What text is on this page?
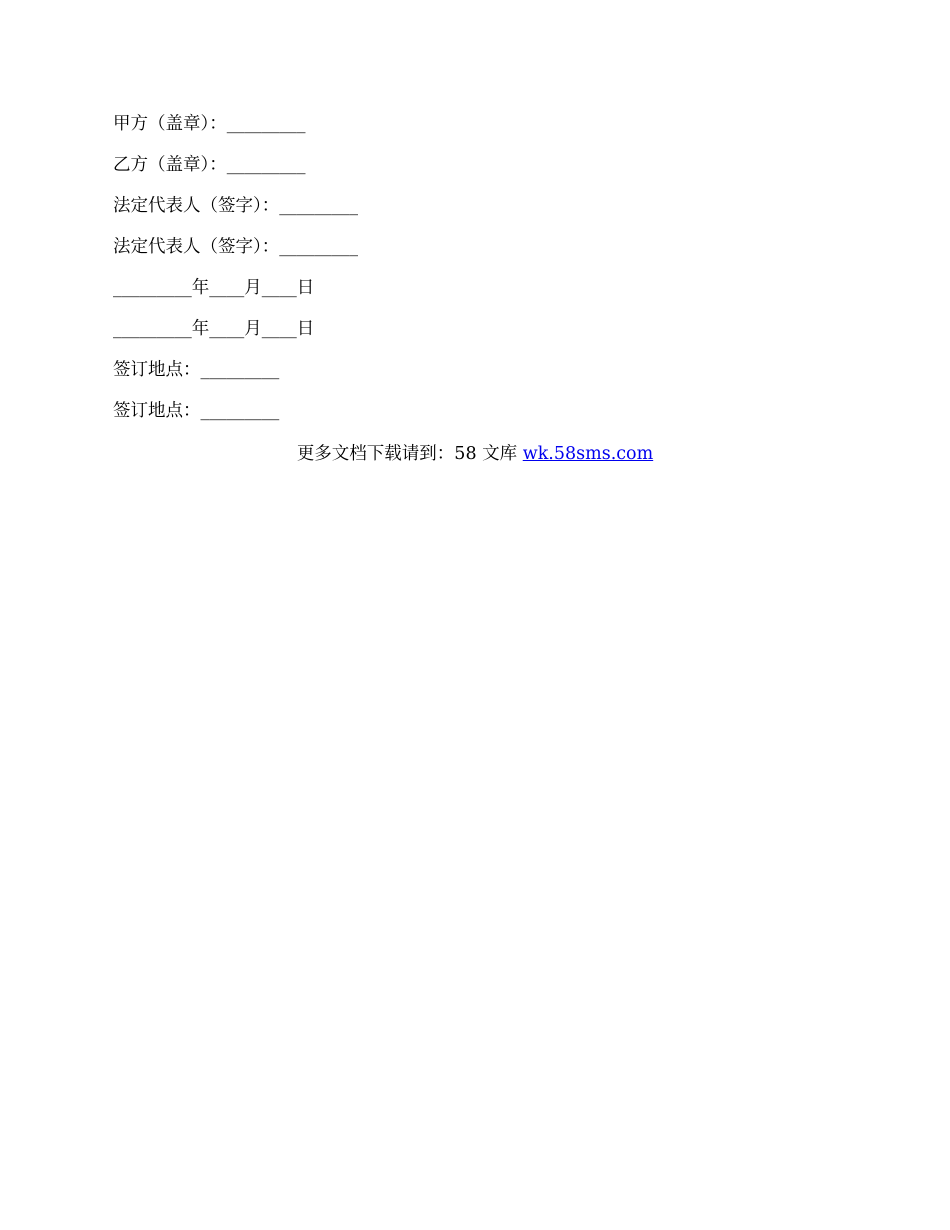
甲方（盖章）：_________
乙方（盖章）：_________
法定代表人（签字）：_________
法定代表人（签字）：_________
_________年____月____日
_________年____月____日
签订地点：_________
签订地点：_________
更多文档下载请到：58 文库 wk.58sms.com
